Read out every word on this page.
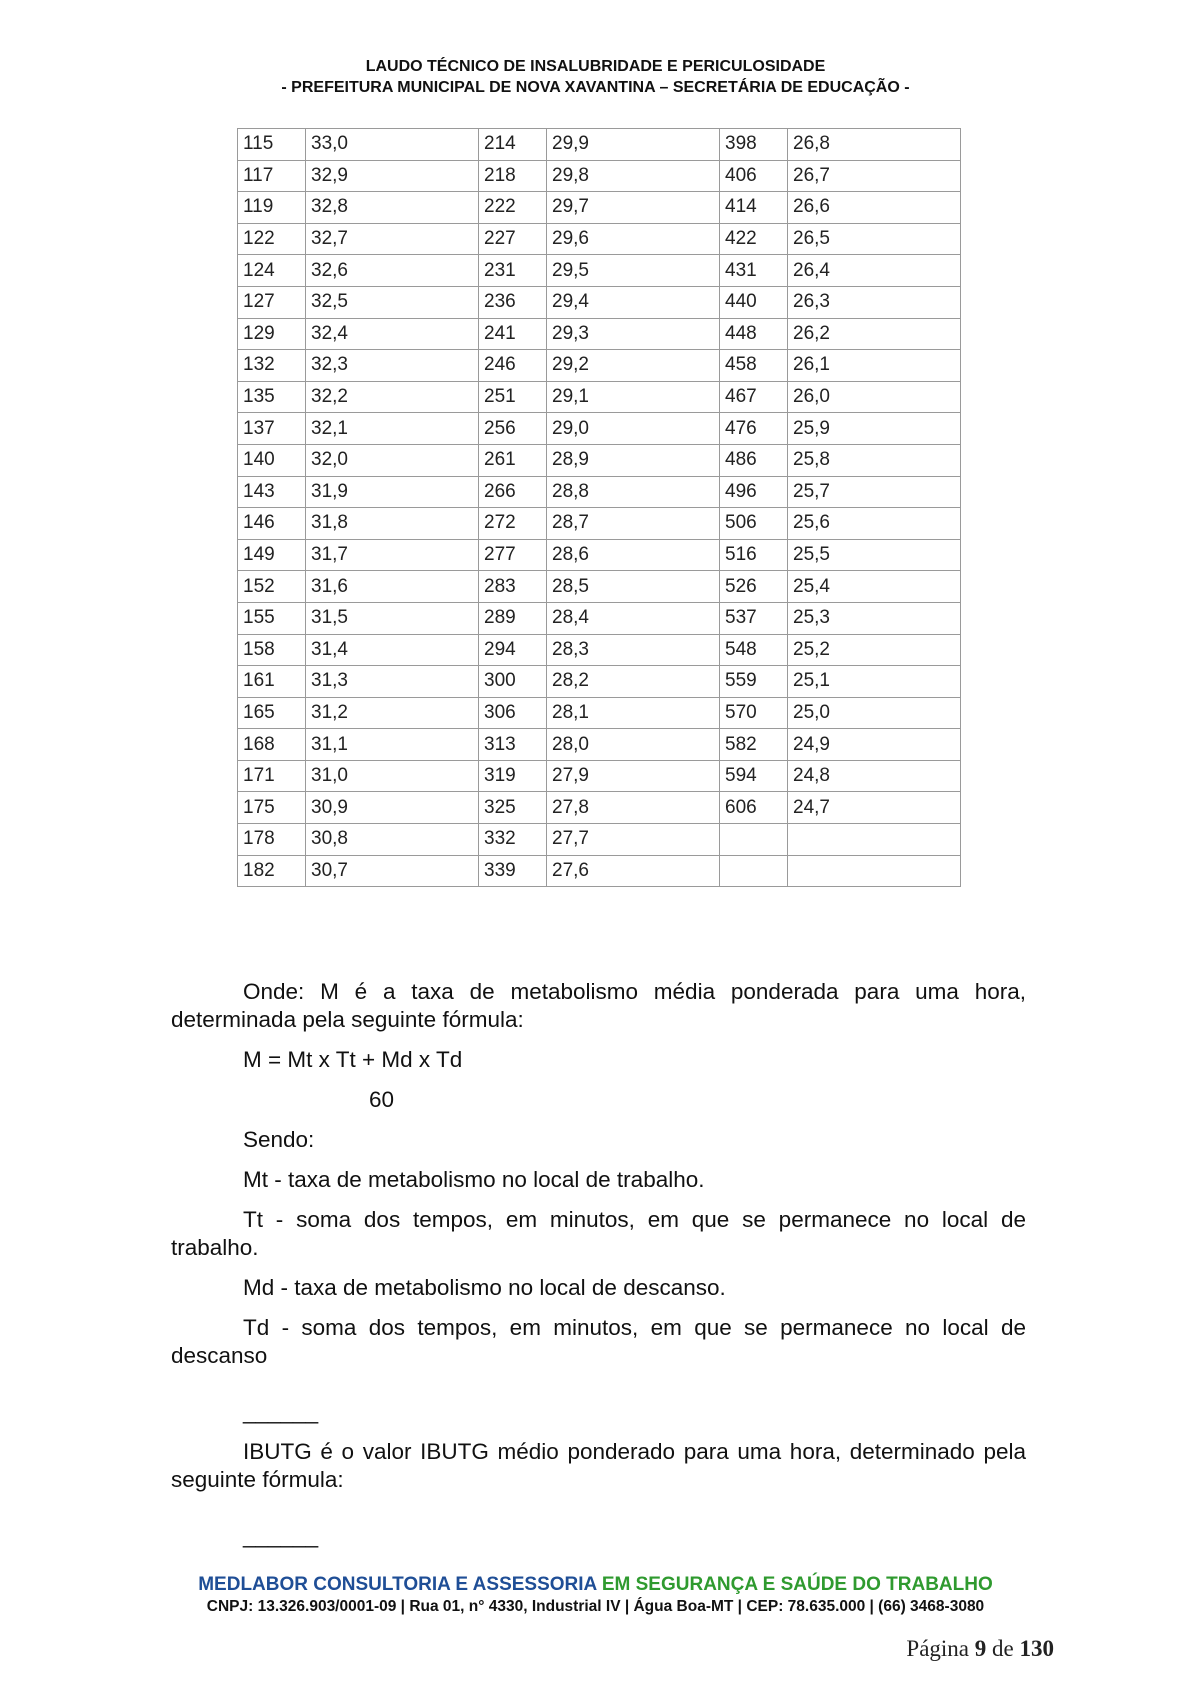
LAUDO TÉCNICO DE INSALUBRIDADE E PERICULOSIDADE
- PREFEITURA MUNICIPAL DE NOVA XAVANTINA – SECRETÁRIA DE EDUCAÇÃO -
115	33,0	214	29,9	398	26,8
117	32,9	218	29,8	406	26,7
119	32,8	222	29,7	414	26,6
122	32,7	227	29,6	422	26,5
124	32,6	231	29,5	431	26,4
127	32,5	236	29,4	440	26,3
129	32,4	241	29,3	448	26,2
132	32,3	246	29,2	458	26,1
135	32,2	251	29,1	467	26,0
137	32,1	256	29,0	476	25,9
140	32,0	261	28,9	486	25,8
143	31,9	266	28,8	496	25,7
146	31,8	272	28,7	506	25,6
149	31,7	277	28,6	516	25,5
152	31,6	283	28,5	526	25,4
155	31,5	289	28,4	537	25,3
158	31,4	294	28,3	548	25,2
161	31,3	300	28,2	559	25,1
165	31,2	306	28,1	570	25,0
168	31,1	313	28,0	582	24,9
171	31,0	319	27,9	594	24,8
175	30,9	325	27,8	606	24,7
178	30,8	332	27,7		
182	30,7	339	27,6		

Onde: M é a taxa de metabolismo média ponderada para uma hora, determinada pela seguinte fórmula:

M = Mt x Tt + Md x Td

60

Sendo:

Mt - taxa de metabolismo no local de trabalho.

Tt - soma dos tempos, em minutos, em que se permanece no local de trabalho.

Md - taxa de metabolismo no local de descanso.

Td - soma dos tempos, em minutos, em que se permanece no local de descanso

______

IBUTG é o valor IBUTG médio ponderado para uma hora, determinado pela seguinte fórmula:

______

MEDLABOR CONSULTORIA E ASSESSORIA EM SEGURANÇA E SAÚDE DO TRABALHO
CNPJ: 13.326.903/0001-09 | Rua 01, n° 4330, Industrial IV | Água Boa-MT | CEP: 78.635.000 | (66) 3468-3080
Página 9 de 130
